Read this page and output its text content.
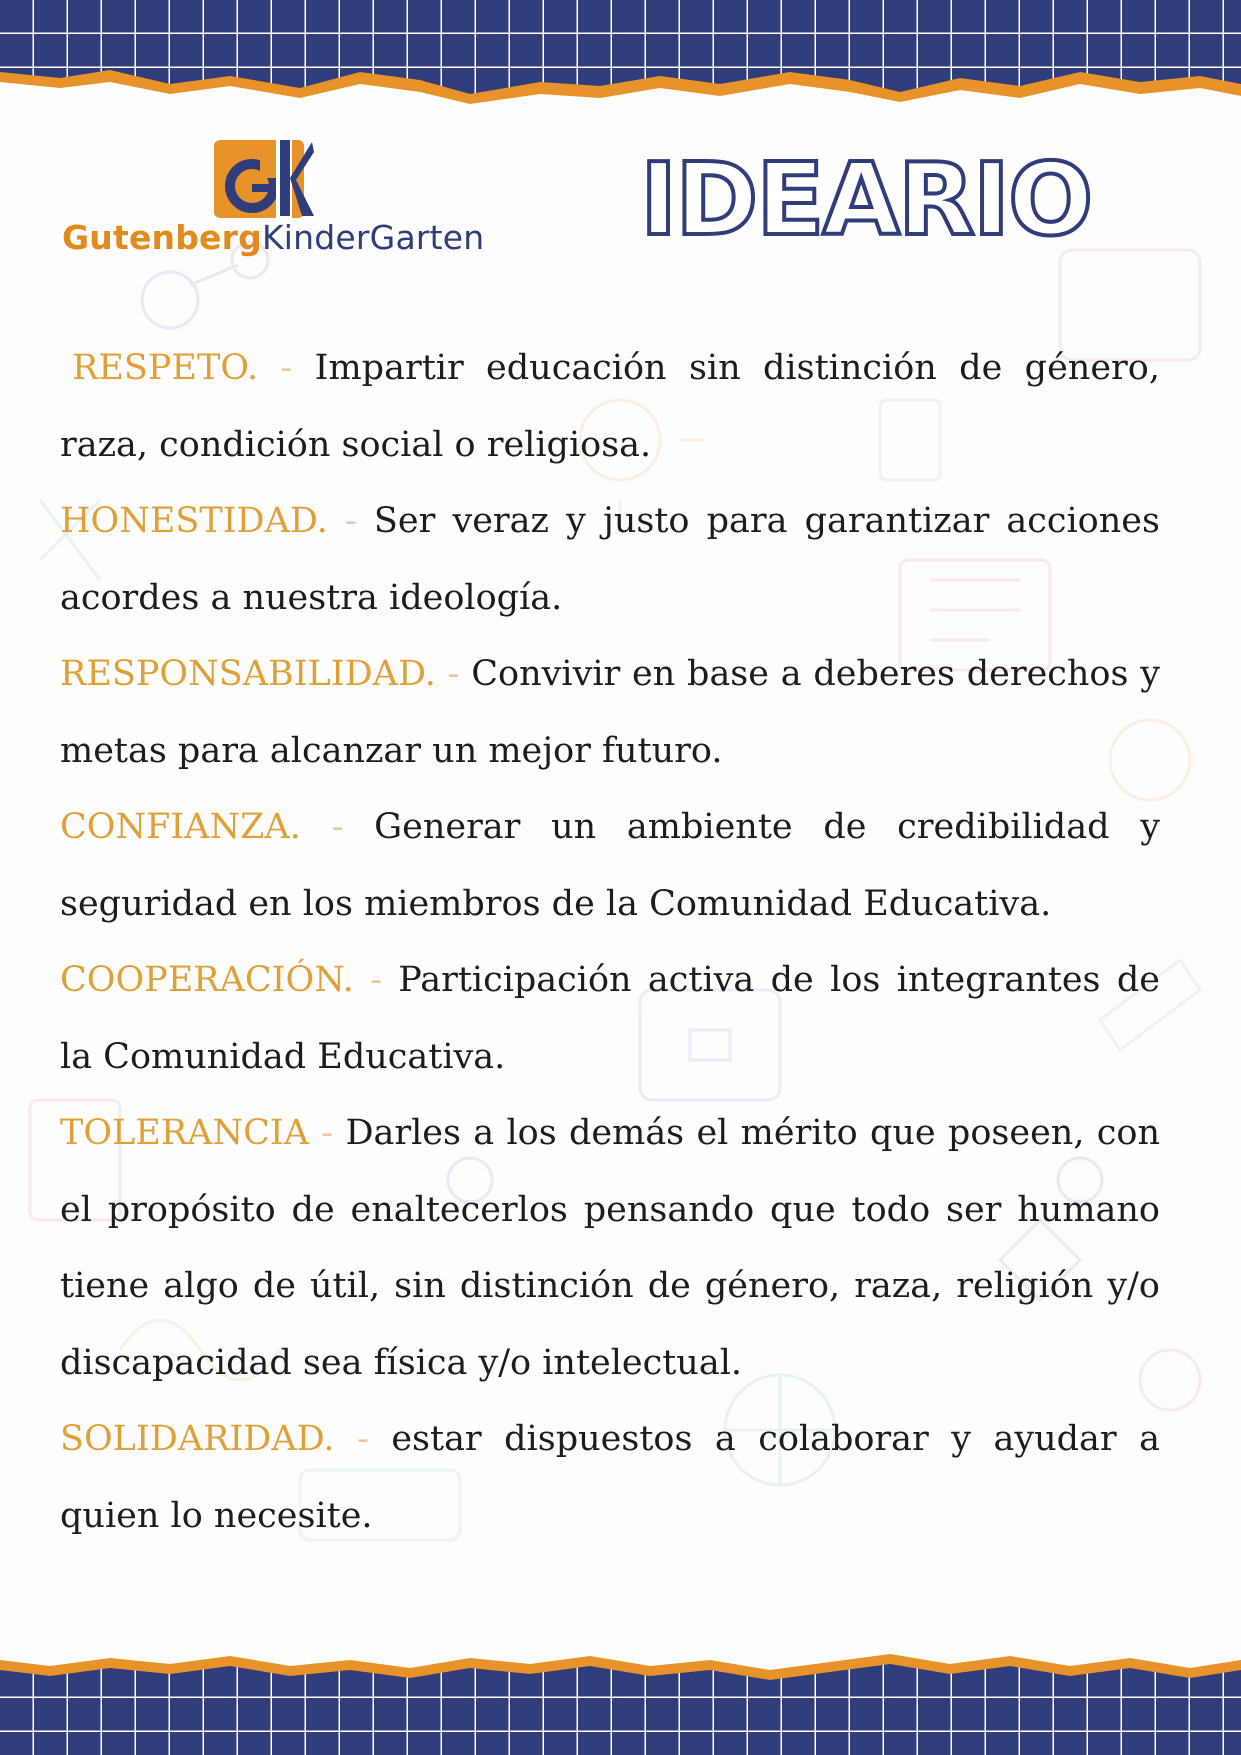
GutenbergKinderGarten IDEARIO

RESPETO. - Impartir educación sin distinción de género, raza, condición social o religiosa.

HONESTIDAD. - Ser veraz y justo para garantizar acciones acordes a nuestra ideología.

RESPONSABILIDAD. - Convivir en base a deberes derechos y metas para alcanzar un mejor futuro.

CONFIANZA. - Generar un ambiente de credibilidad y seguridad en los miembros de la Comunidad Educativa.

COOPERACIÓN. - Participación activa de los integrantes de la Comunidad Educativa.

TOLERANCIA - Darles a los demás el mérito que poseen, con el propósito de enaltecerlos pensando que todo ser humano tiene algo de útil, sin distinción de género, raza, religión y/o discapacidad sea física y/o intelectual.

SOLIDARIDAD. - estar dispuestos a colaborar y ayudar a quien lo necesite.
